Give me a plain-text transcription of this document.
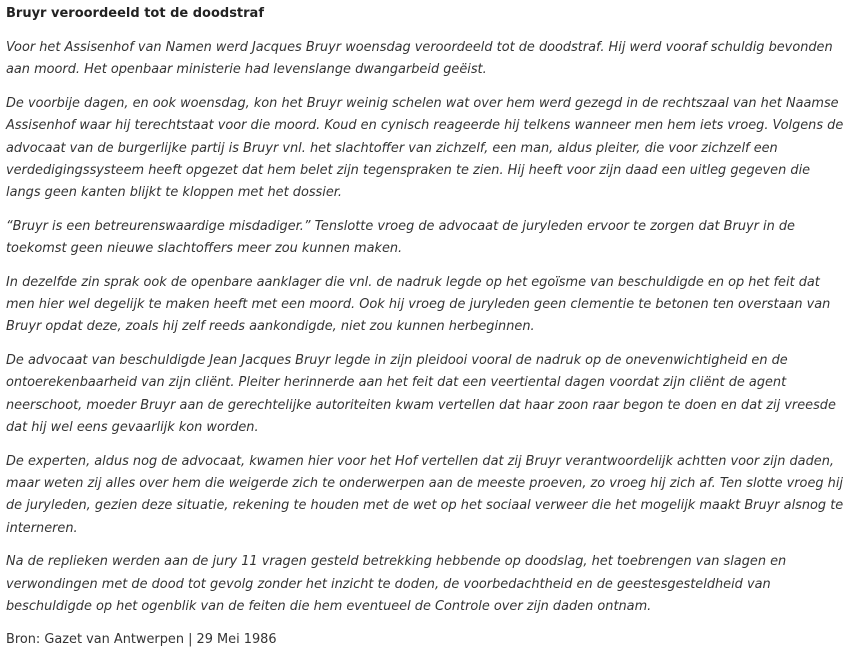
Bruyr veroordeeld tot de doodstraf

Voor het Assisenhof van Namen werd Jacques Bruyr woensdag veroordeeld tot de doodstraf. Hij werd vooraf schuldig bevonden aan moord. Het openbaar ministerie had levenslange dwangarbeid geëist.

De voorbije dagen, en ook woensdag, kon het Bruyr weinig schelen wat over hem werd gezegd in de rechtszaal van het Naamse Assisenhof waar hij terechtstaat voor die moord. Koud en cynisch reageerde hij telkens wanneer men hem iets vroeg. Volgens de advocaat van de burgerlijke partij is Bruyr vnl. het slachtoffer van zichzelf, een man, aldus pleiter, die voor zichzelf een verdedigingssysteem heeft opgezet dat hem belet zijn tegenspraken te zien. Hij heeft voor zijn daad een uitleg gegeven die langs geen kanten blijkt te kloppen met het dossier.

“Bruyr is een betreurenswaardige misdadiger.” Tenslotte vroeg de advocaat de juryleden ervoor te zorgen dat Bruyr in de toekomst geen nieuwe slachtoffers meer zou kunnen maken.

In dezelfde zin sprak ook de openbare aanklager die vnl. de nadruk legde op het egoïsme van beschuldigde en op het feit dat men hier wel degelijk te maken heeft met een moord. Ook hij vroeg de juryleden geen clementie te betonen ten overstaan van Bruyr opdat deze, zoals hij zelf reeds aankondigde, niet zou kunnen herbeginnen.

De advocaat van beschuldigde Jean Jacques Bruyr legde in zijn pleidooi vooral de nadruk op de onevenwichtigheid en de ontoerekenbaarheid van zijn cliënt. Pleiter herinnerde aan het feit dat een veertiental dagen voordat zijn cliënt de agent neerschoot, moeder Bruyr aan de gerechtelijke autoriteiten kwam vertellen dat haar zoon raar begon te doen en dat zij vreesde dat hij wel eens gevaarlijk kon worden.

De experten, aldus nog de advocaat, kwamen hier voor het Hof vertellen dat zij Bruyr verantwoordelijk achtten voor zijn daden, maar weten zij alles over hem die weigerde zich te onderwerpen aan de meeste proeven, zo vroeg hij zich af. Ten slotte vroeg hij de juryleden, gezien deze situatie, rekening te houden met de wet op het sociaal verweer die het mogelijk maakt Bruyr alsnog te interneren.

Na de replieken werden aan de jury 11 vragen gesteld betrekking hebbende op doodslag, het toebrengen van slagen en verwondingen met de dood tot gevolg zonder het inzicht te doden, de voorbedachtheid en de geestesgesteldheid van beschuldigde op het ogenblik van de feiten die hem eventueel de Controle over zijn daden ontnam.

Bron: Gazet van Antwerpen | 29 Mei 1986
